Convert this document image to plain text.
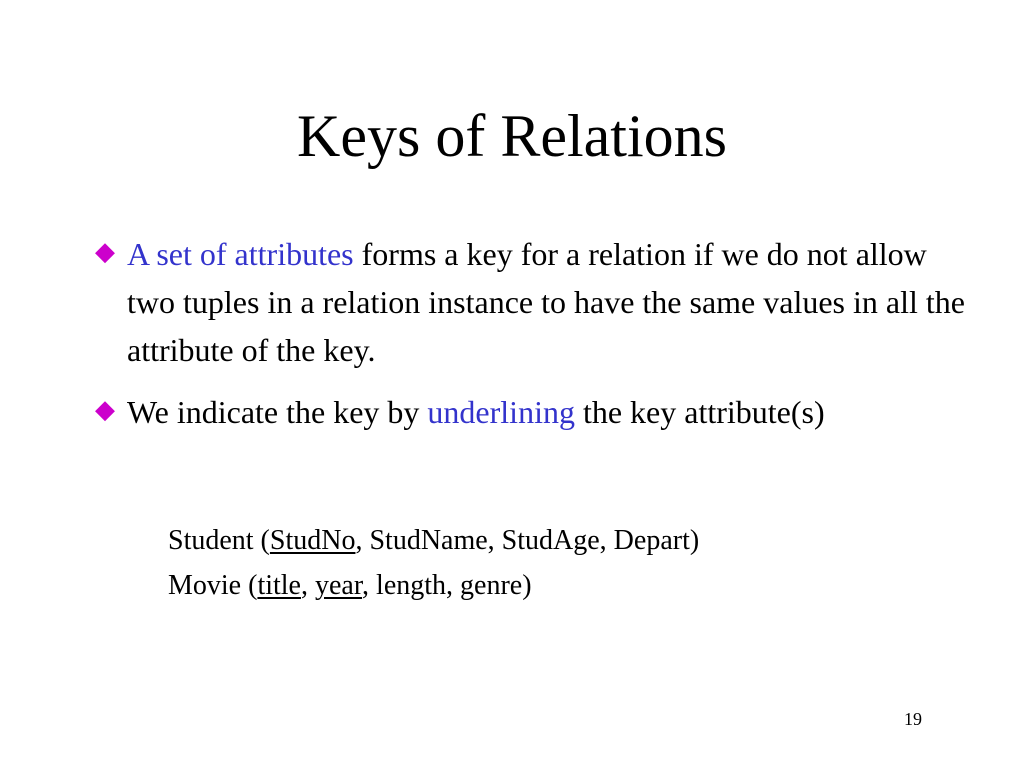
Keys of Relations
◆ A set of attributes forms a key for a relation if we do not allow two tuples in a relation instance to have the same values in all the attribute of the key.
◆ We indicate the key by underlining the key attribute(s)
Student (StudNo, StudName, StudAge, Depart)
Movie (title, year, length, genre)
19
